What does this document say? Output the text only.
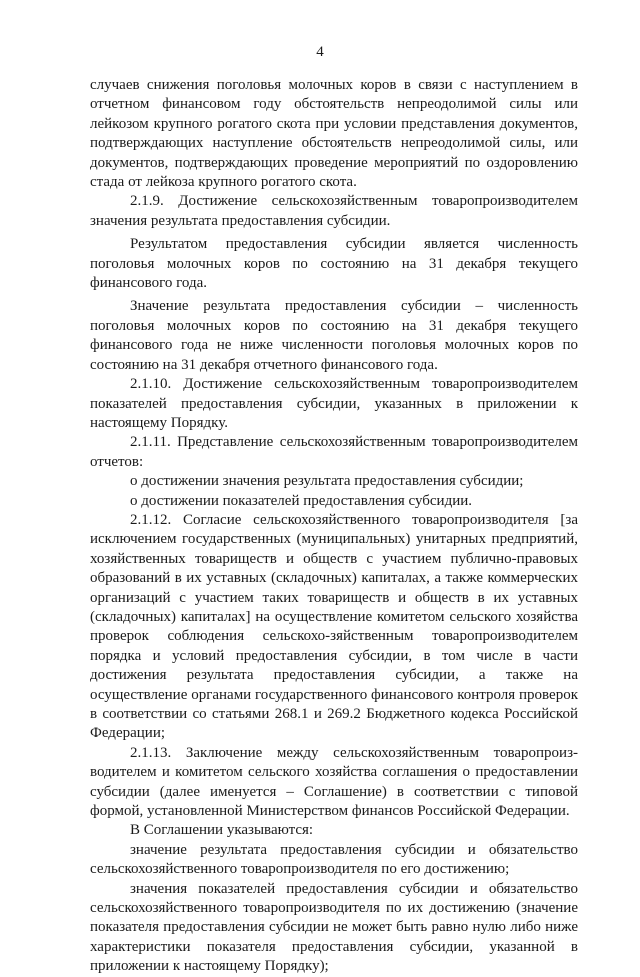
4

случаев снижения поголовья молочных коров в связи с наступлением в отчетном финансовом году обстоятельств непреодолимой силы или лейкозом крупного рогатого скота при условии представления документов, подтверждающих наступление обстоятельств непреодолимой силы, или документов, подтверждающих проведение мероприятий по оздоровлению стада от лейкоза крупного рогатого скота.

2.1.9. Достижение сельскохозяйственным товаропроизводителем значения результата предоставления субсидии.

Результатом предоставления субсидии является численность поголовья молочных коров по состоянию на 31 декабря текущего финансового года.

Значение результата предоставления субсидии – численность поголовья молочных коров по состоянию на 31 декабря текущего финансового года не ниже численности поголовья молочных коров по состоянию на 31 декабря отчетного финансового года.

2.1.10. Достижение сельскохозяйственным товаропроизводителем показателей предоставления субсидии, указанных в приложении к настоящему Порядку.

2.1.11. Представление сельскохозяйственным товаропроизводителем отчетов:

о достижении значения результата предоставления субсидии;

о достижении показателей предоставления субсидии.

2.1.12. Согласие сельскохозяйственного товаропроизводителя [за исключением государственных (муниципальных) унитарных предприятий, хозяйственных товариществ и обществ с участием публично-правовых образований в их уставных (складочных) капиталах, а также коммерческих организаций с участием таких товариществ и обществ в их уставных (складочных) капиталах] на осуществление комитетом сельского хозяйства проверок соблюдения сельскохо-зяйственным товаропроизводителем порядка и условий предоставления субсидии, в том числе в части достижения результата предоставления субсидии, а также на осуществление органами государственного финансового контроля проверок в соответствии со статьями 268.1 и 269.2 Бюджетного кодекса Российской Федерации;

2.1.13. Заключение между сельскохозяйственным товаропроиз-водителем и комитетом сельского хозяйства соглашения о предоставлении субсидии (далее именуется – Соглашение) в соответствии с типовой формой, установленной Министерством финансов Российской Федерации.

В Соглашении указываются:

значение результата предоставления субсидии и обязательство сельскохозяйственного товаропроизводителя по его достижению;

значения показателей предоставления субсидии и обязательство сельскохозяйственного товаропроизводителя по их достижению (значение показателя предоставления субсидии не может быть равно нулю либо ниже характеристики показателя предоставления субсидии, указанной в приложении к настоящему Порядку);
